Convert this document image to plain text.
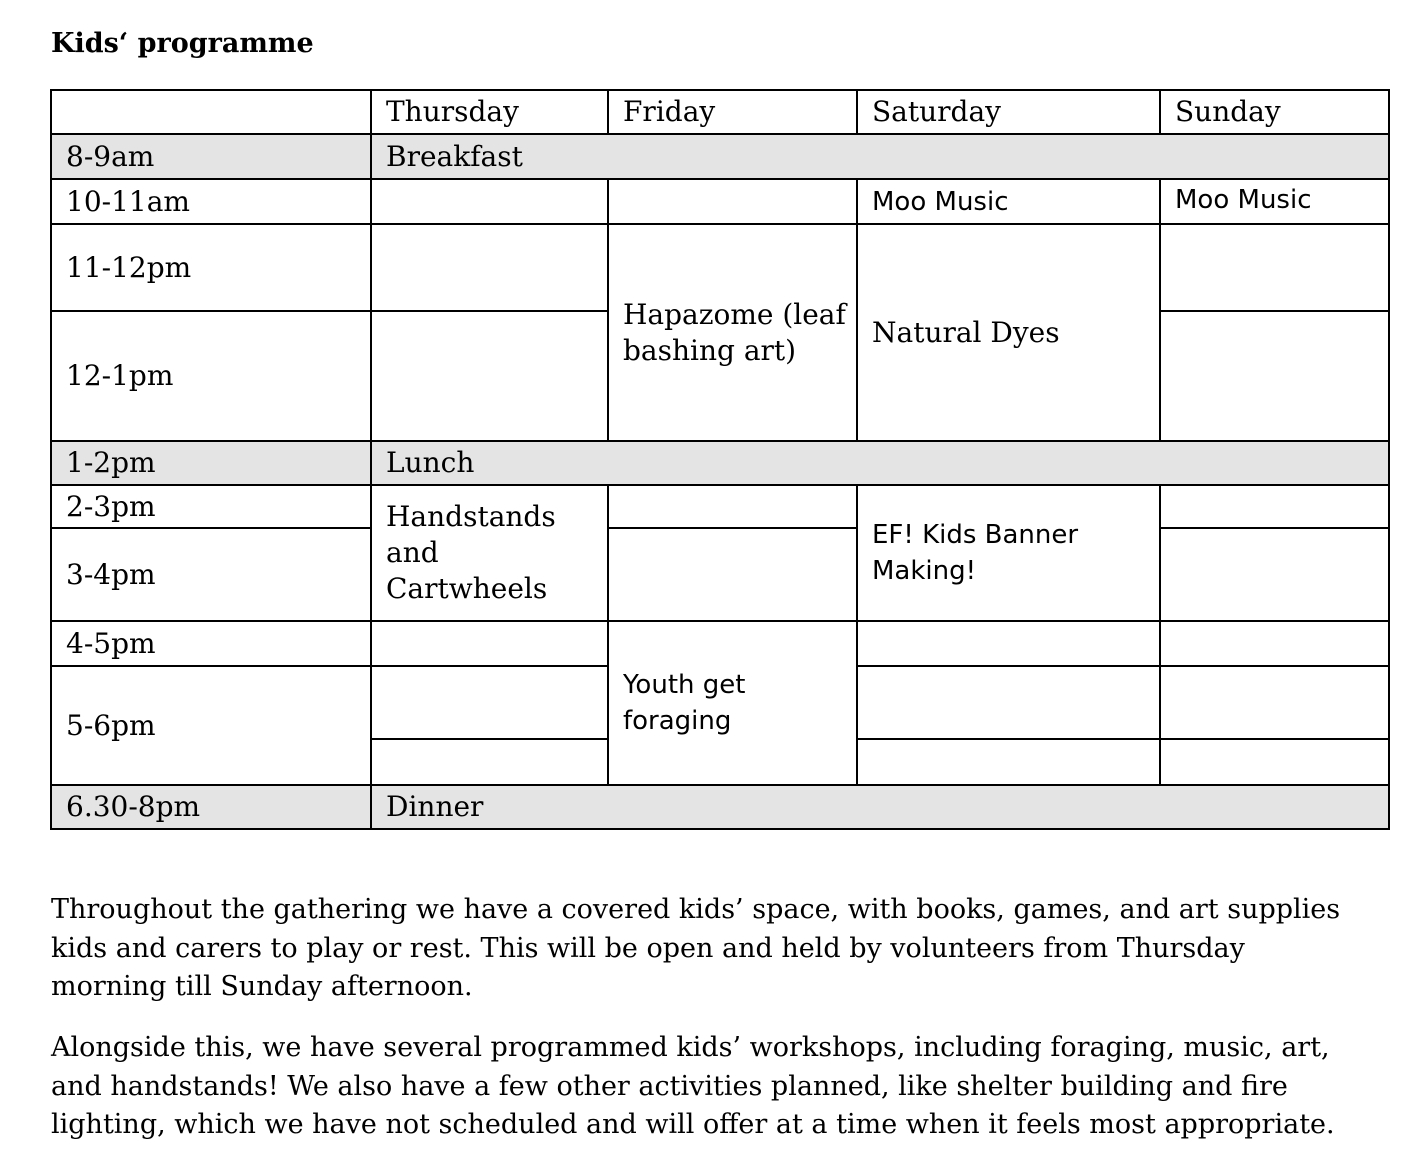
Kids‘ programme
	Thursday	Friday	Saturday	Sunday
8-9am	Breakfast			
10-11am			Moo Music	Moo Music
11-12pm		Hapazome (leaf bashing art)	Natural Dyes	
12-1pm				
1-2pm	Lunch			
2-3pm	Handstands and Cartwheels		EF! Kids Banner Making!	
3-4pm				
4-5pm		Youth get foraging		
5-6pm				

6.30-8pm	Dinner			

Throughout the gathering we have a covered kids’ space, with books, games, and art supplies kids and carers to play or rest. This will be open and held by volunteers from Thursday morning till Sunday afternoon.

Alongside this, we have several programmed kids’ workshops, including foraging, music, art, and handstands! We also have a few other activities planned, like shelter building and fire lighting, which we have not scheduled and will offer at a time when it feels most appropriate.
